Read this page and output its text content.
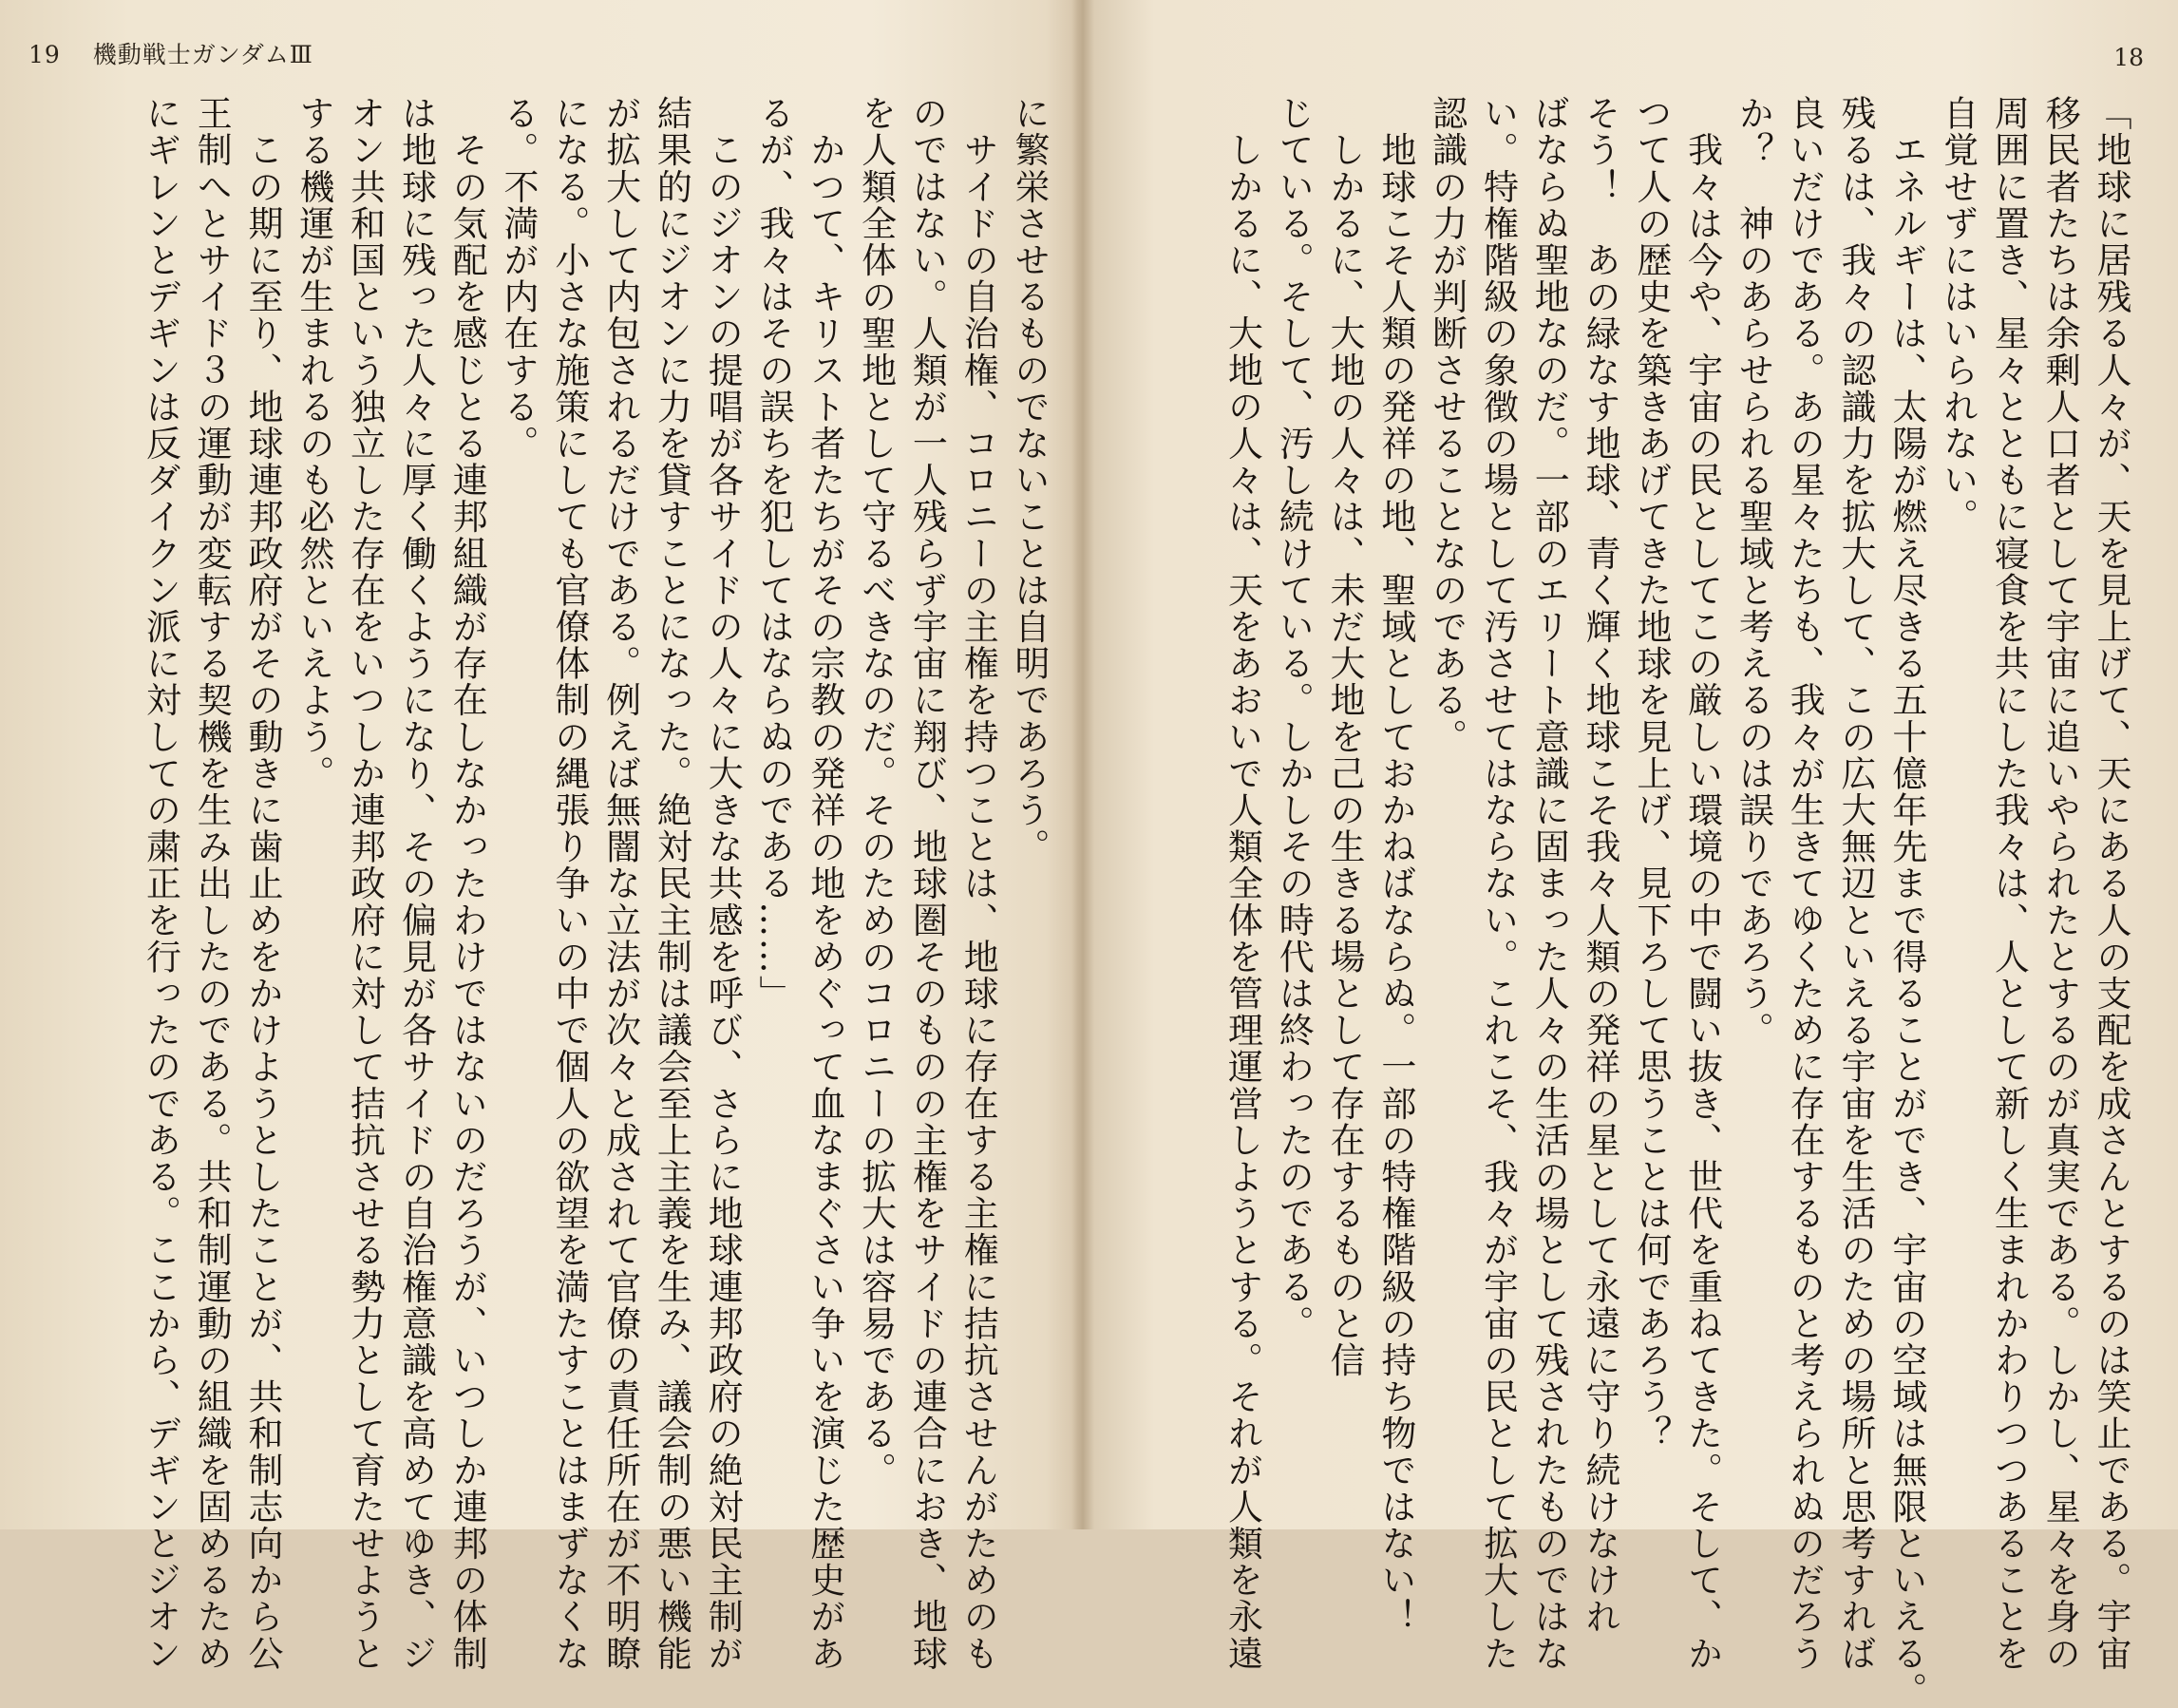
19 機動戦士ガンダムⅢ
に繁栄させるものでないことは自明であろう。
　サイドの自治権、コロニーの主権を持つことは、地球に存在する主権に拮抗させんがためのも
のではない。人類が一人残らず宇宙に翔び、地球圏そのものの主権をサイドの連合におき、地球
を人類全体の聖地として守るべきなのだ。そのためのコロニーの拡大は容易である。
　かつて、キリスト者たちがその宗教の発祥の地をめぐって血なまぐさい争いを演じた歴史があ
るが、我々はその誤ちを犯してはならぬのである……」
　このジオンの提唱が各サイドの人々に大きな共感を呼び、さらに地球連邦政府の絶対民主制が
結果的にジオンに力を貸すことになった。絶対民主制は議会至上主義を生み、議会制の悪い機能
が拡大して内包されるだけである。例えば無闇な立法が次々と成されて官僚の責任所在が不明瞭
になる。小さな施策にしても官僚体制の縄張り争いの中で個人の欲望を満たすことはまずなくな
る。不満が内在する。
　その気配を感じとる連邦組織が存在しなかったわけではないのだろうが、いつしか連邦の体制
は地球に残った人々に厚く働くようになり、その偏見が各サイドの自治権意識を高めてゆき、ジ
オン共和国という独立した存在をいつしか連邦政府に対して拮抗させる勢力として育たせようと
する機運が生まれるのも必然といえよう。
　この期に至り、地球連邦政府がその動きに歯止めをかけようとしたことが、共和制志向から公
王制へとサイド３の運動が変転する契機を生み出したのである。共和制運動の組織を固めるため
にギレンとデギンは反ダイクン派に対しての粛正を行ったのである。ここから、デギンとジオン
18
「地球に居残る人々が、天を見上げて、天にある人の支配を成さんとするのは笑止である。宇宙
移民者たちは余剰人口者として宇宙に追いやられたとするのが真実である。しかし、星々を身の
周囲に置き、星々とともに寝食を共にした我々は、人として新しく生まれかわりつつあることを
自覚せずにはいられない。
　エネルギーは、太陽が燃え尽きる五十億年先まで得ることができ、宇宙の空域は無限といえる。
残るは、我々の認識力を拡大して、この広大無辺といえる宇宙を生活のための場所と思考すれば
良いだけである。あの星々たちも、我々が生きてゆくために存在するものと考えられぬのだろう
か？　神のあらせられる聖域と考えるのは誤りであろう。
　我々は今や、宇宙の民としてこの厳しい環境の中で闘い抜き、世代を重ねてきた。そして、か
つて人の歴史を築きあげてきた地球を見上げ、見下ろして思うことは何であろう？
そう！　あの緑なす地球、青く輝く地球こそ我々人類の発祥の星として永遠に守り続けなけれ
ばならぬ聖地なのだ。一部のエリート意識に固まった人々の生活の場として残されたものではな
い。特権階級の象徴の場として汚させてはならない。これこそ、我々が宇宙の民として拡大した
認識の力が判断させることなのである。
　地球こそ人類の発祥の地、聖域としておかねばならぬ。一部の特権階級の持ち物ではない！
　しかるに、大地の人々は、未だ大地を己の生きる場として存在するものと信
じている。そして、汚し続けている。しかしその時代は終わったのである。
　しかるに、大地の人々は、天をあおいで人類全体を管理運営しようとする。それが人類を永遠
